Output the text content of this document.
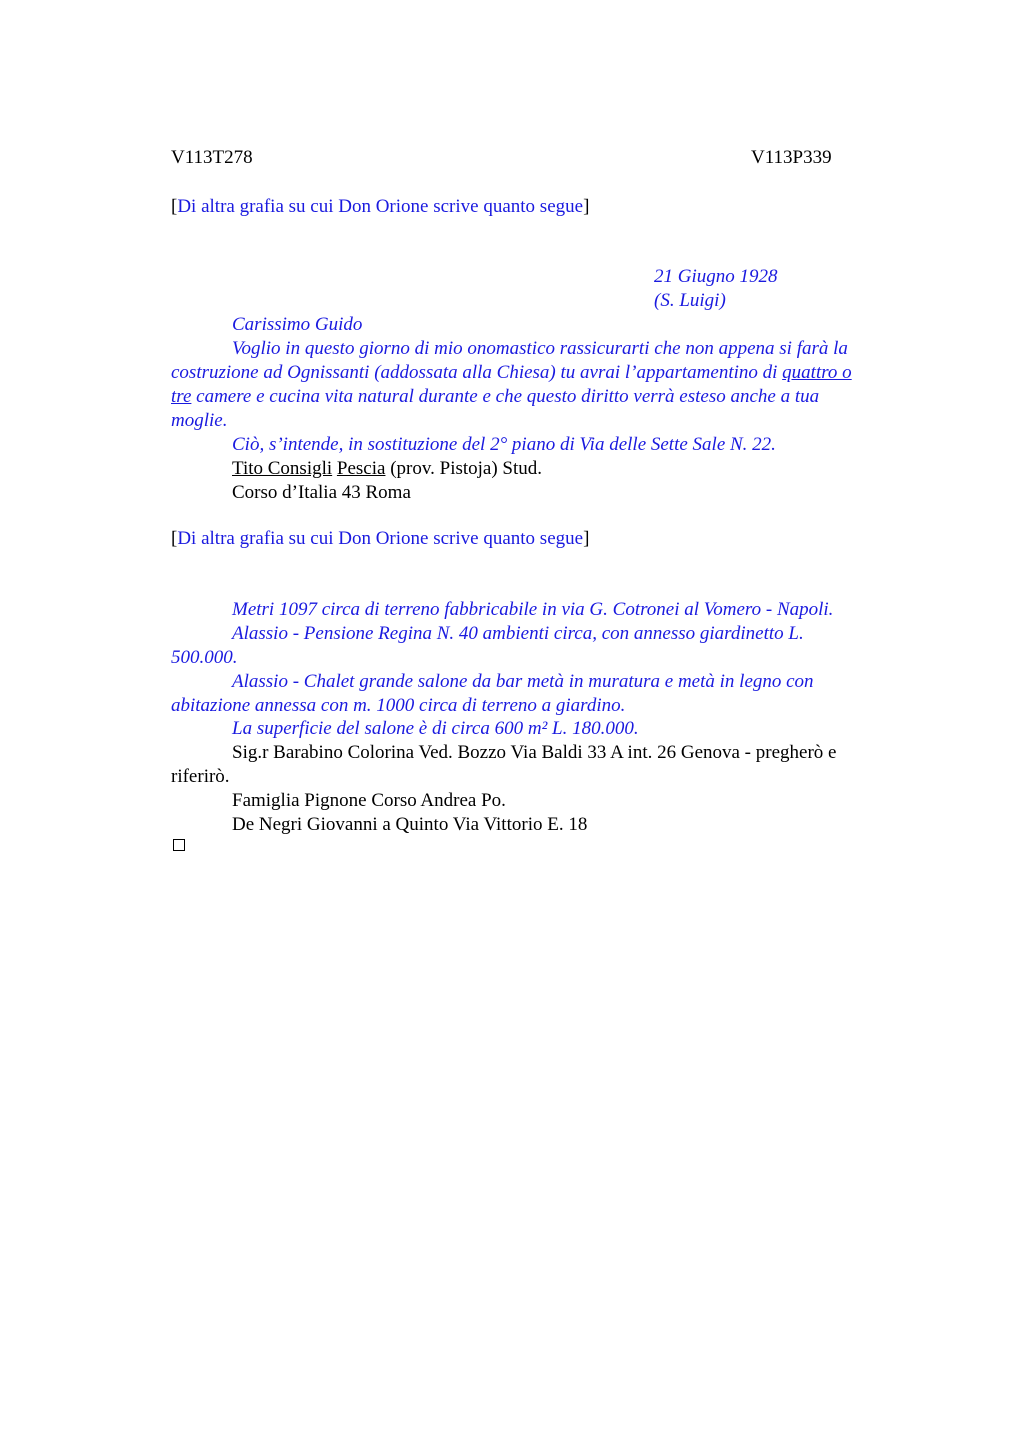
V113T278	V113P339
[Di altra grafia su cui Don Orione scrive quanto segue]
21 Giugno 1928
(S. Luigi)
Carissimo Guido
Voglio in questo giorno di mio onomastico rassicurarti che non appena si farà la
costruzione ad Ognissanti (addossata alla Chiesa) tu avrai l’appartamentino di quattro o
tre camere e cucina vita natural durante e che questo diritto verrà esteso anche a tua
moglie.
Ciò, s’intende, in sostituzione del 2° piano di Via delle Sette Sale N. 22.
Tito Consigli Pescia (prov. Pistoja) Stud.
Corso d’Italia 43 Roma
[Di altra grafia su cui Don Orione scrive quanto segue]
Metri 1097 circa di terreno fabbricabile in via G. Cotronei al Vomero - Napoli.
Alassio - Pensione Regina N. 40 ambienti circa, con annesso giardinetto L.
500.000.
Alassio - Chalet grande salone da bar metà in muratura e metà in legno con
abitazione annessa con m. 1000 circa di terreno a giardino.
La superficie del salone è di circa 600 m² L. 180.000.
Sig.r Barabino Colorina Ved. Bozzo Via Baldi 33 A int. 26 Genova - pregherò e
riferirò.
Famiglia Pignone Corso Andrea Po.
De Negri Giovanni a Quinto Via Vittorio E. 18
